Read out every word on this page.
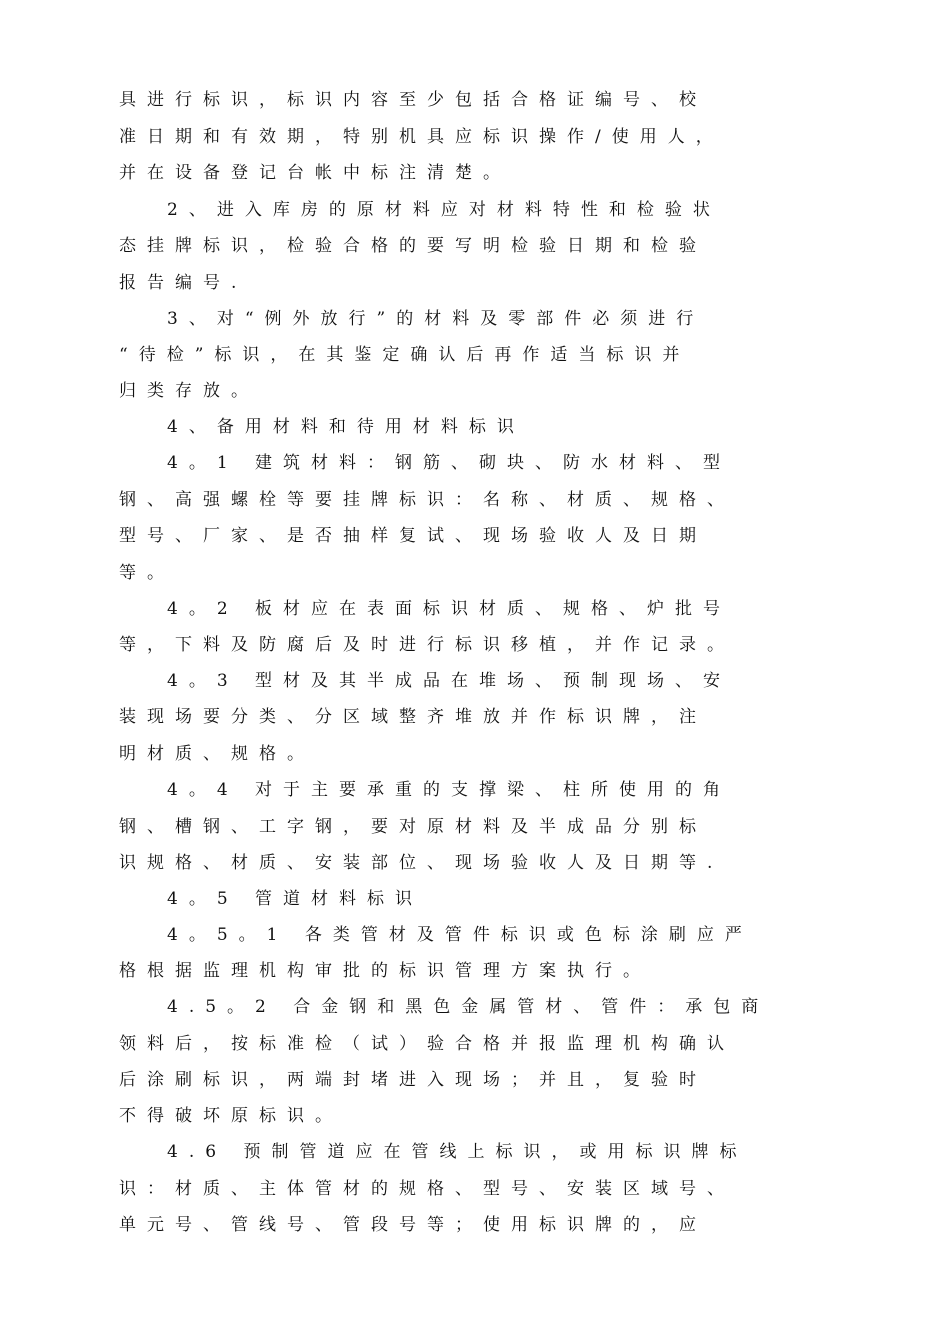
具进行标识，标识内容至少包括合格证编号、校
准日期和有效期，特别机具应标识操作/使用人，
并在设备登记台帐中标注清楚。
2、进入库房的原材料应对材料特性和检验状
态挂牌标识，检验合格的要写明检验日期和检验
报告编号.
3、对“例外放行”的材料及零部件必须进行
“待检”标识，在其鉴定确认后再作适当标识并
归类存放。
4、备用材料和待用材料标识
4。1 建筑材料：钢筋、砌块、防水材料、型
钢、高强螺栓等要挂牌标识：名称、材质、规格、
型号、厂家、是否抽样复试、现场验收人及日期
等。
4。2 板材应在表面标识材质、规格、炉批号
等，下料及防腐后及时进行标识移植，并作记录。
4。3 型材及其半成品在堆场、预制现场、安
装现场要分类、分区域整齐堆放并作标识牌，注
明材质、规格。
4。4 对于主要承重的支撑梁、柱所使用的角
钢、槽钢、工字钢，要对原材料及半成品分别标
识规格、材质、安装部位、现场验收人及日期等.
4。5 管道材料标识
4。5。1 各类管材及管件标识或色标涂刷应严
格根据监理机构审批的标识管理方案执行。
4.5。2 合金钢和黑色金属管材、管件：承包商
领料后，按标准检（试）验合格并报监理机构确认
后涂刷标识，两端封堵进入现场；并且，复验时
不得破坏原标识。
4.6 预制管道应在管线上标识，或用标识牌标
识：材质、主体管材的规格、型号、安装区域号、
单元号、管线号、管段号等；使用标识牌的，应
